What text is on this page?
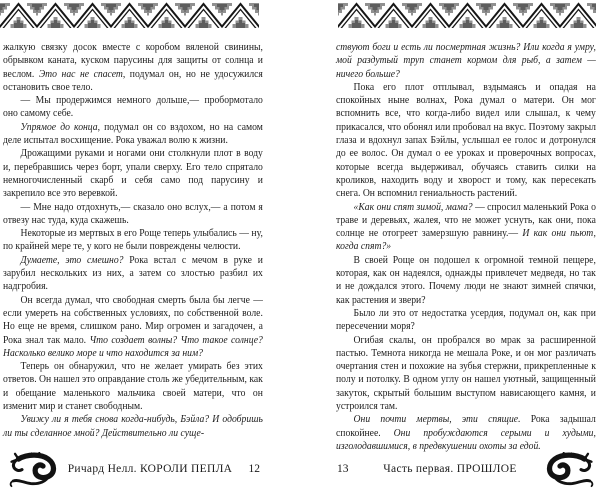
жалкую связку досок вместе с коробом вяленой свинины, обрывком каната, куском парусины для защиты от солнца и веслом. Это нас не спасет, подумал он, но не удосужился остановить свое тело.
— Мы продержимся немного дольше,— пробормотало оно самому себе.
Упрямое до конца, подумал он со вздохом, но на самом деле испытал восхищение. Рока уважал волю к жизни.
Дрожащими руками и ногами они столкнули плот в воду и, перебравшись через борт, упали сверху. Его тело спрятало немногочисленный скарб и себя само под парусину и закрепило все это веревкой.
— Мне надо отдохнуть,— сказало оно вслух,— а потом я отвезу нас туда, куда скажешь.
Некоторые из мертвых в его Роще теперь улыбались — ну, по крайней мере те, у кого не были повреждены челюсти.
Думаете, это смешно? Рока встал с мечом в руке и зарубил нескольких из них, а затем со злостью разбил их надгробия.
Он всегда думал, что свободная смерть была бы легче — если умереть на собственных условиях, по собственной воле. Но еще не время, слишком рано. Мир огромен и загадочен, а Рока знал так мало. Что создает волны? Что такое солнце? Насколько велико море и что находится за ним?
Теперь он обнаружил, что не желает умирать без этих ответов. Он нашел это оправдание столь же убедительным, как и обещание маленького мальчика своей матери, что он изменит мир и станет свободным.
Увижу ли я тебя снова когда-нибудь, Бэйла? И одобришь ли ты сделанное мной? Действительно ли суще-
Ричард Нелл. КОРОЛИ ПЕПЛА	12
ствуют боги и есть ли посмертная жизнь? Или когда я умру, мой раздутый труп станет кормом для рыб, а затем — ничего больше?
Пока его плот отплывал, вздымаясь и опадая на спокойных ныне волнах, Рока думал о матери. Он мог вспомнить все, что когда-либо видел или слышал, к чему прикасался, что обонял или пробовал на вкус. Поэтому закрыл глаза и вдохнул запах Бэйлы, услышал ее голос и дотронулся до ее волос. Он думал о ее уроках и проверочных вопросах, которые всегда выдерживал, обучаясь ставить силки на кроликов, находить воду и хворост и тому, как пересекать снега. Он вспомнил гениальность растений.
«Как они спят зимой, мама? — спросил маленький Рока о траве и деревьях, жалея, что не может уснуть, как они, пока солнце не отогреет замерзшую равнину.— И как они пьют, когда спят?»
В своей Роще он подошел к огромной темной пещере, которая, как он надеялся, однажды привлечет медведя, но так и не дождался этого. Почему люди не знают зимней спячки, как растения и звери?
Было ли это от недостатка усердия, подумал он, как при пересечении моря?
Огибая скалы, он пробрался во мрак за расширенной пастью. Темнота никогда не мешала Роке, и он мог различать очертания стен и похожие на зубья стержни, прикрепленные к полу и потолку. В одном углу он нашел уютный, защищенный закуток, скрытый большим выступом нависающего камня, и устроился там.
Они почти мертвы, эти спящие. Рока задышал спокойнее. Они пробуждаются серыми и худыми, изголодавшимися, в предвкушении охоты за едой.
Часть первая. ПРОШЛОЕ
13
